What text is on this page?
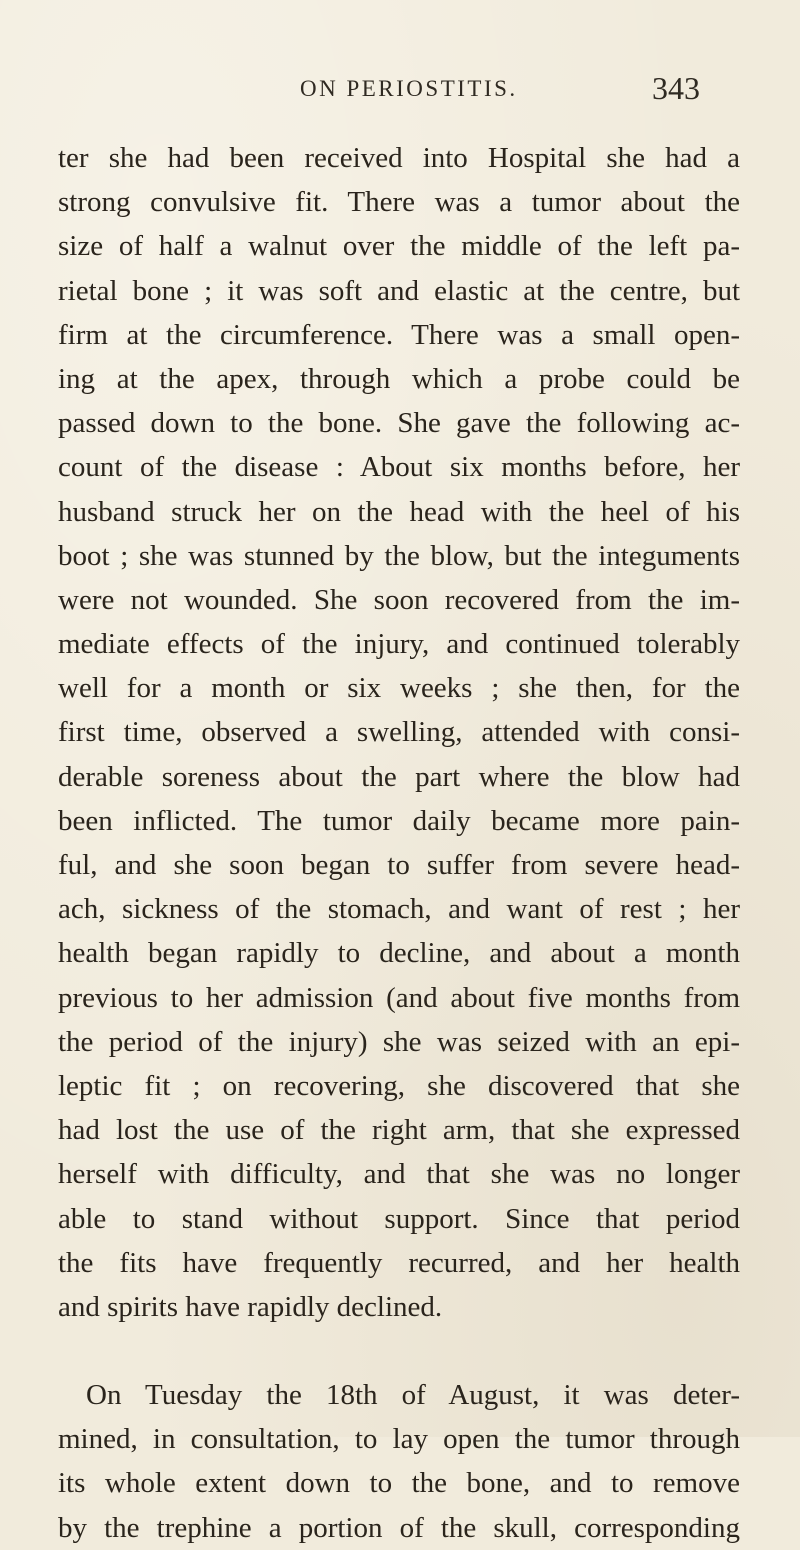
ON PERIOSTITIS.	343
ter she had been received into Hospital she had a
strong convulsive fit. There was a tumor about the
size of half a walnut over the middle of the left pa-
rietal bone ; it was soft and elastic at the centre, but
firm at the circumference. There was a small open-
ing at the apex, through which a probe could be
passed down to the bone. She gave the following ac-
count of the disease : About six months before, her
husband struck her on the head with the heel of his
boot ; she was stunned by the blow, but the integuments
were not wounded. She soon recovered from the im-
mediate effects of the injury, and continued tolerably
well for a month or six weeks ; she then, for the
first time, observed a swelling, attended with consi-
derable soreness about the part where the blow had
been inflicted. The tumor daily became more pain-
ful, and she soon began to suffer from severe head-
ach, sickness of the stomach, and want of rest ; her
health began rapidly to decline, and about a month
previous to her admission (and about five months from
the period of the injury) she was seized with an epi-
leptic fit ; on recovering, she discovered that she
had lost the use of the right arm, that she expressed
herself with difficulty, and that she was no longer
able to stand without support. Since that period
the fits have frequently recurred, and her health
and spirits have rapidly declined.
On Tuesday the 18th of August, it was deter-
mined, in consultation, to lay open the tumor through
its whole extent down to the bone, and to remove
by the trephine a portion of the skull, corresponding
